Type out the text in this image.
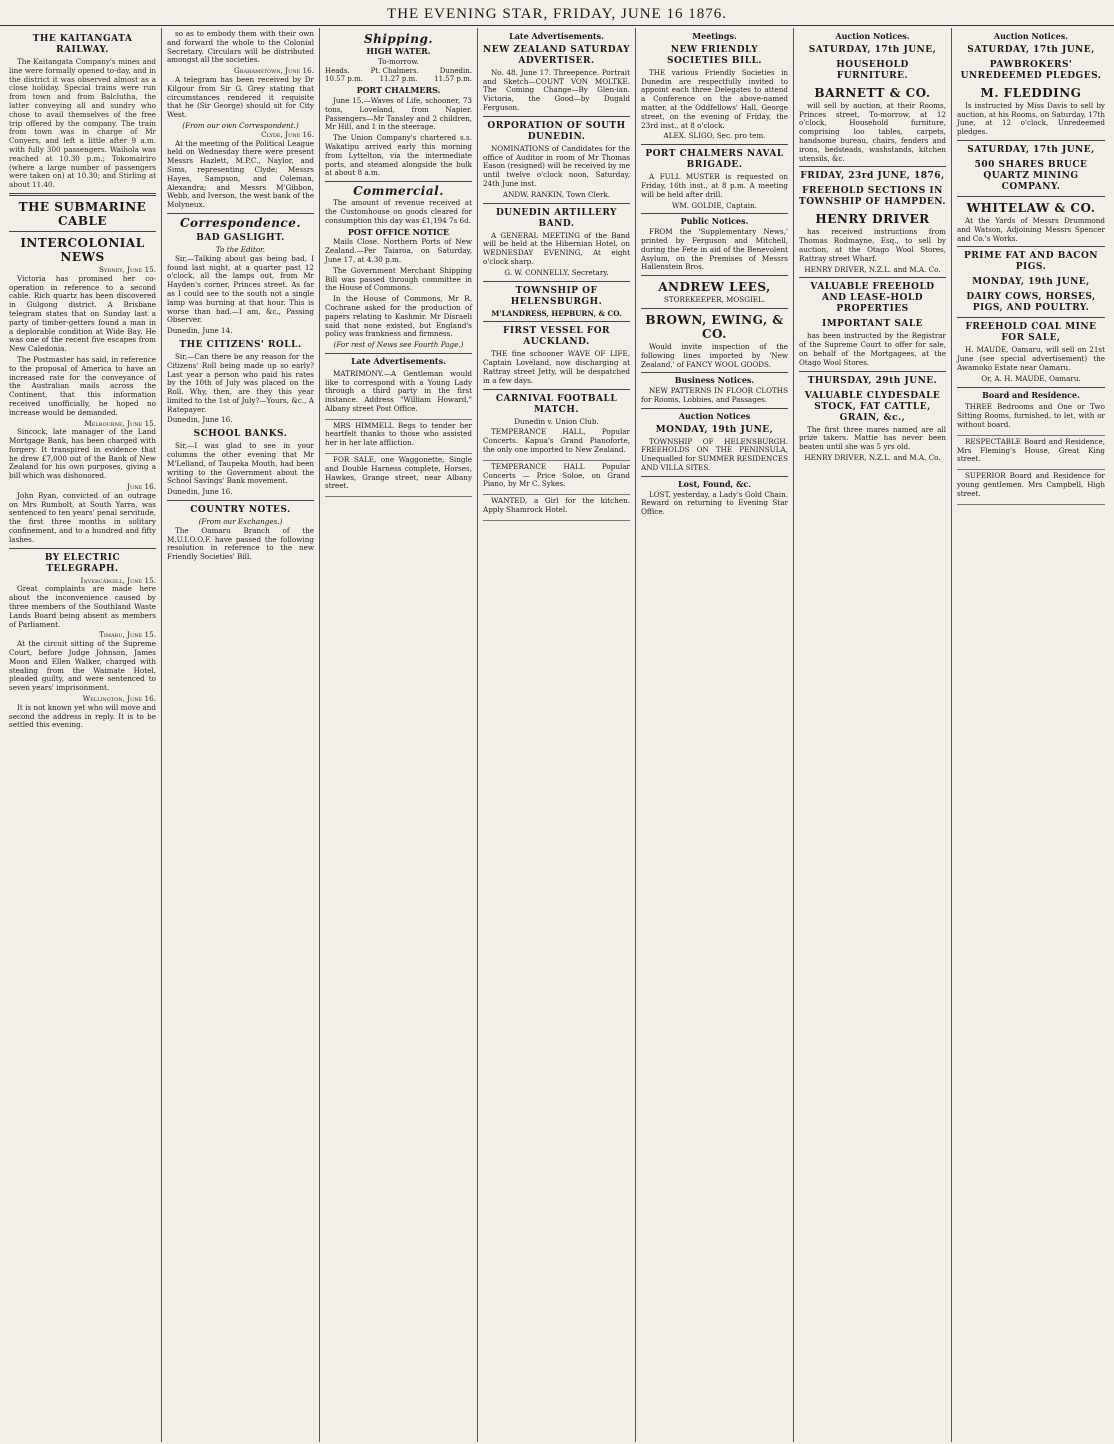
THE EVENING STAR, FRIDAY, JUNE 16 1876.
THE KAITANGATA RAILWAY.

The Kaitangata Company's mines and line were formally opened to-day, and in the district it was observed almost as a close holiday. Special trains were run from town and from Balclutha, the latter conveying all and sundry who chose to avail themselves of the free trip offered by the company. The train from town was in charge of Mr Conyers, and left a little after 9 a.m. with fully 300 passengers. Waihola was reached at 10.30 p.m.; Tokomairiro (where a large number of passengers were taken on) at 10.30; and Stirling at about 11.40.

THE SUBMARINE CABLE
INTERCOLONIAL NEWS
Sydney, June 15.

Victoria has promised her co-operation in reference to a second cable. Rich quartz has been discovered in Gulgong district. A Brisbane telegram states that on Sunday last a party of timber-getters found a man in a deplorable condition at Wide Bay. He was one of the recent five escapes from New Caledonia.

The Postmaster has said, in reference to the proposal of America to have an increased rate for the conveyance of the Australian mails across the Continent, that this information received unofficially, he hoped no increase would be demanded.

Melbourne, June 15.

Sincock, late manager of the Land Mortgage Bank, has been charged with forgery. It transpired in evidence that he drew £7,000 out of the Bank of New Zealand for his own purposes, giving a bill which was dishonored.

June 16.

John Ryan, convicted of an outrage on Mrs Rumbolt, at South Yarra, was sentenced to ten years' penal servitude, the first three months in solitary confinement, and to a hundred and fifty lashes.

BY ELECTRIC TELEGRAPH.
Invercargill, June 15.

Great complaints are made here about the inconvenience caused by three members of the Southland Waste Lands Board being absent as members of Parliament.

Timaru, June 15.

At the circuit sitting of the Supreme Court, before Judge Johnson, James Moon and Ellen Walker, charged with stealing from the Waimate Hotel, pleaded guilty, and were sentenced to seven years' imprisonment.

Wellington, June 16.

It is not known yet who will move and second the address in reply. It is to be settled this evening.

so as to embody them with their own and forward the whole to the Colonial Secretary. Circulars will be distributed amongst all the societies.

Grahamstown, June 16.

A telegram has been received by Dr Kilgour from Sir G. Grey stating that circumstances rendered it requisite that he (Sir George) should sit for City West.

(From our own Correspondent.)
Clyde, June 16.

At the meeting of the Political League held on Wednesday there were present Messrs Hazlett, M.P.C., Naylor, and Sims, representing Clyde; Messrs Hayes, Sampson, and Coleman, Alexandra; and Messrs M'Gibbon, Webb, and Iverson, the west bank of the Molyneux.

Correspondence.
BAD GASLIGHT.
To the Editor.

Sir,—Talking about gas being bad, I found last night, at a quarter past 12 o'clock, all the lamps out, from Mr Hayden's corner, Princes street. As far as I could see to the south not a single lamp was burning at that hour. This is worse than bad.—I am, &c., Passing Observer.

Dunedin, June 14.
THE CITIZENS' ROLL.

Sir,—Can there be any reason for the Citizens' Roll being made up so early? Last year a person who paid his rates by the 10th of July was placed on the Roll. Why, then, are they this year limited to the 1st of July?—Yours, &c., A Ratepayer.

Dunedin, June 16.
SCHOOL BANKS.

Sir,—I was glad to see in your columns the other evening that Mr M'Lelland, of Taupeka Mouth, had been writing to the Government about the School Savings' Bank movement.

Dunedin, June 16.
COUNTRY NOTES.
(From our Exchanges.)

The Oamaru Branch of the M.U.I.O.O.F. have passed the following resolution in reference to the new Friendly Societies' Bill.

Shipping.
HIGH WATER.
To-morrow.
Heads.	Pt. Chalmers.	Dunedin.
10.57 p.m. 11.27 p.m. 11.57 p.m.
PORT CHALMERS.

June 15.—Waves of Life, schooner, 73 tons, Loveland, from Napier. Passengers—Mr Tansley and 2 children, Mr Hill, and 1 in the steerage.

The Union Company's chartered s.s. Wakatipu arrived early this morning from Lyttelton, via the intermediate ports, and steamed alongside the bulk at about 8 a.m.

Commercial.

The amount of revenue received at the Customhouse on goods cleared for consumption this day was £1,194 7s 6d.

POST OFFICE NOTICE

Mails Close. Northern Ports of New Zealand.—Per Taiaroa, on Saturday, June 17, at 4.30 p.m.

The Government Merchant Shipping Bill was passed through committee in the House of Commons.

In the House of Commons, Mr R. Cochrane asked for the production of papers relating to Kashmir. Mr Disraeli said that none existed, but England's policy was frankness and firmness.

(For rest of News see Fourth Page.)
Late Advertisements.

MATRIMONY.—A Gentleman would like to correspond with a Young Lady through a third party in the first instance. Address "William Howard," Albany street Post Office.

MRS HIMMELL Begs to tender her heartfelt thanks to those who assisted her in her late affliction.

FOR SALE, one Waggonette, Single and Double Harness complete, Horses, Hawkes, Grange street, near Albany street.

Late Advertisements.
NEW ZEALAND SATURDAY ADVERTISER.

No. 48. June 17. Threepence. Portrait and Sketch—COUNT VON MOLTKE. The Coming Change—By Glen-ian. Victoria, the Good—by Dugald Ferguson.

ORPORATION OF SOUTH DUNEDIN.

NOMINATIONS of Candidates for the office of Auditor in room of Mr Thomas Eason (resigned) will be received by me until twelve o'clock noon, Saturday, 24th June inst.

ANDW. RANKIN, Town Clerk.
DUNEDIN ARTILLERY BAND.

A GENERAL MEETING of the Band will be held at the Hibernian Hotel, on WEDNESDAY EVENING, At eight o'clock sharp.

G. W. CONNELLY, Secretary.
TOWNSHIP OF HELENSBURGH.
M'LANDRESS, HEPBURN, & CO.
FIRST VESSEL FOR AUCKLAND.

THE fine schooner WAVE OF LIFE, Captain Loveland, now discharging at Rattray street Jetty, will be despatched in a few days.

CARNIVAL FOOTBALL MATCH.
Dunedin v. Union Club.

TEMPERANCE HALL, Popular Concerts. Kapua's Grand Pianoforte, the only one imported to New Zealand.

TEMPERANCE HALL Popular Concerts — Price Soloe, on Grand Piano, by Mr C. Sykes.

WANTED, a Girl for the kitchen. Apply Shamrock Hotel.

Meetings.
NEW FRIENDLY SOCIETIES BILL.

THE various Friendly Societies in Dunedin are respectfully invited to appoint each three Delegates to attend a Conference on the above-named matter, at the Oddfellows' Hall, George street, on the evening of Friday, the 23rd inst., at 8 o'clock.

ALEX. SLIGO, Sec. pro tem.
PORT CHALMERS NAVAL BRIGADE.

A FULL MUSTER is requested on Friday, 16th inst., at 8 p.m. A meeting will be held after drill.

WM. GOLDIE, Captain.
Public Notices.

FROM the 'Supplementary News,' printed by Ferguson and Mitchell, during the Fete in aid of the Benevolent Asylum, on the Premises of Messrs Hallenstein Bros.

ANDREW LEES,
STOREKEEPER, MOSGIEL.
BROWN, EWING, & CO.

Would invite inspection of the following lines imported by 'New Zealand,' of FANCY WOOL GOODS.

Business Notices.

NEW PATTERNS IN FLOOR CLOTHS for Rooms, Lobbies, and Passages.

Auction Notices
MONDAY, 19th JUNE,

TOWNSHIP OF HELENSBURGH. FREEHOLDS ON THE PENINSULA, Unequalled for SUMMER RESIDENCES AND VILLA SITES.

Lost, Found, &c.

LOST, yesterday, a Lady's Gold Chain. Reward on returning to Evening Star Office.

Auction Notices.
SATURDAY, 17th JUNE,
HOUSEHOLD FURNITURE.
BARNETT & CO.

will sell by auction, at their Rooms, Princes street, To-morrow, at 12 o'clock, Household furniture, comprising loo tables, carpets, handsome bureau, chairs, fenders and irons, bedsteads, washstands, kitchen utensils, &c.

FRIDAY, 23rd JUNE, 1876,
FREEHOLD SECTIONS IN TOWNSHIP OF HAMPDEN.
HENRY DRIVER

has received instructions from Thomas Rodmayne, Esq., to sell by auction, at the Otago Wool Stores, Rattray street Wharf.

HENRY DRIVER, N.Z.L. and M.A. Co.
VALUABLE FREEHOLD AND LEASE-HOLD PROPERTIES
IMPORTANT SALE

has been instructed by the Registrar of the Supreme Court to offer for sale, on behalf of the Mortgagees, at the Otago Wool Stores.

THURSDAY, 29th JUNE.
VALUABLE CLYDESDALE STOCK, FAT CATTLE, GRAIN, &c.,

The first three mares named are all prize takers. Mattie has never been beaten until she was 5 yrs old.

HENRY DRIVER, N.Z.L. and M.A. Co.
Auction Notices.
SATURDAY, 17th JUNE,
PAWBROKERS' UNREDEEMED PLEDGES.
M. FLEDDING

Is instructed by Miss Davis to sell by auction, at his Rooms, on Saturday, 17th June, at 12 o'clock, Unredeemed pledges.

SATURDAY, 17th JUNE,
500 SHARES BRUCE QUARTZ MINING COMPANY.
WHITELAW & CO.

At the Yards of Messrs Drummond and Watson, Adjoining Messrs Spencer and Co.'s Works.

PRIME FAT AND BACON PIGS.
MONDAY, 19th JUNE,
DAIRY COWS, HORSES, PIGS, AND POULTRY.
FREEHOLD COAL MINE FOR SALE,

H. MAUDE, Oamaru, will sell on 21st June (see special advertisement) the Awamoko Estate near Oamaru.

Or, A. H. MAUDE, Oamaru.
Board and Residence.

THREE Bedrooms and One or Two Sitting Rooms, furnished, to let, with or without board.

RESPECTABLE Board and Residence, Mrs Fleming's House, Great King street.

SUPERIOR Board and Residence for young gentlemen. Mrs Campbell, High street.
